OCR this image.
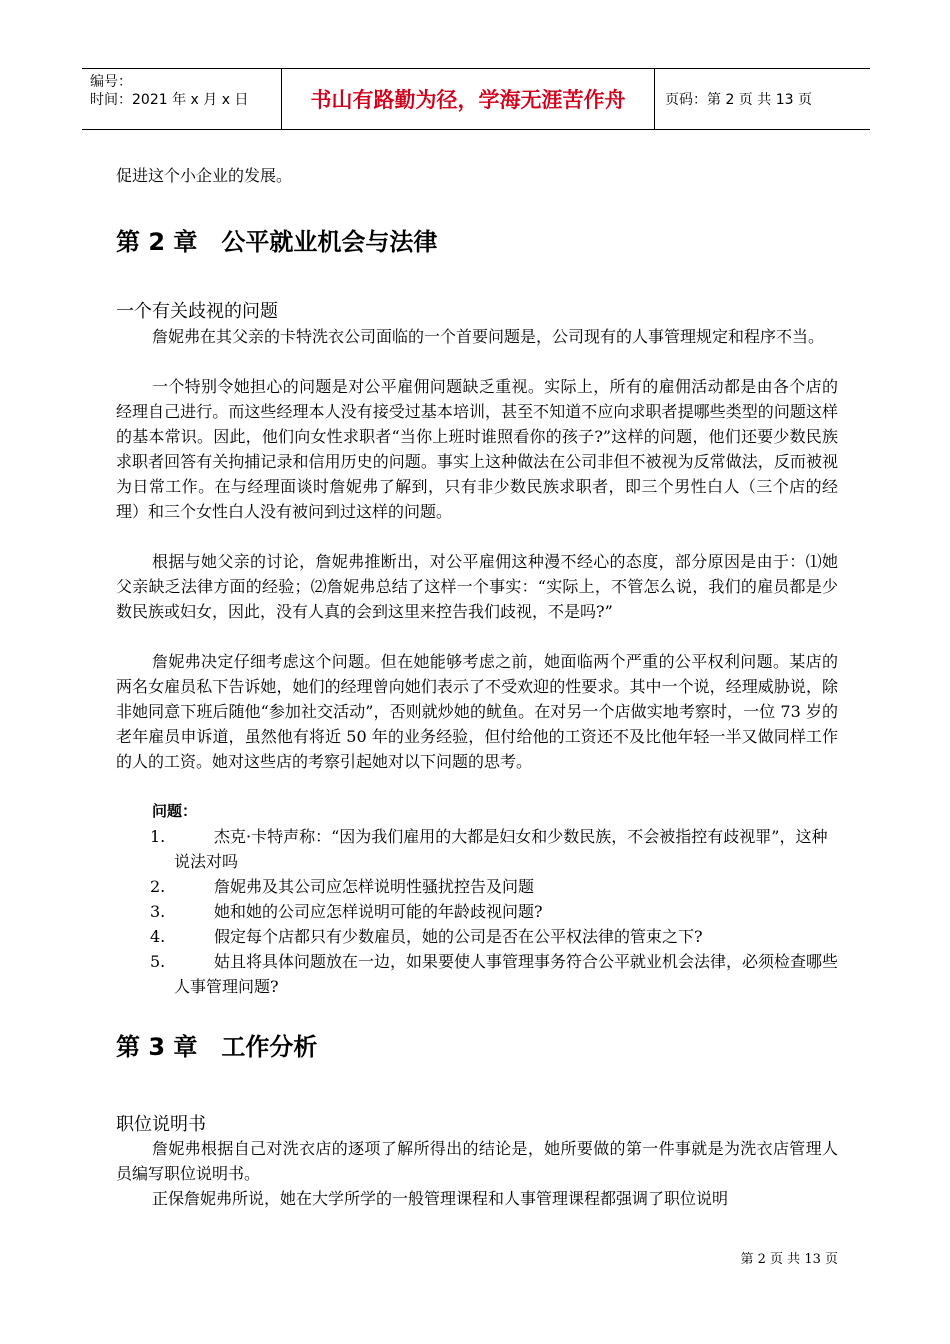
编号：
时间：2021 年 x 月 x 日	书山有路勤为径，学海无涯苦作舟	页码：第 2 页 共 13 页

促进这个小企业的发展。

第 2 章 公平就业机会与法律
一个有关歧视的问题

詹妮弗在其父亲的卡特洗衣公司面临的一个首要问题是，公司现有的人事管理规定和程序不当。

一个特别令她担心的问题是对公平雇佣问题缺乏重视。实际上，所有的雇佣活动都是由各个店的经理自己进行。而这些经理本人没有接受过基本培训，甚至不知道不应向求职者提哪些类型的问题这样的基本常识。因此，他们向女性求职者“当你上班时谁照看你的孩子?”这样的问题，他们还要少数民族求职者回答有关拘捕记录和信用历史的问题。事实上这种做法在公司非但不被视为反常做法，反而被视为日常工作。在与经理面谈时詹妮弗了解到，只有非少数民族求职者，即三个男性白人（三个店的经理）和三个女性白人没有被问到过这样的问题。

根据与她父亲的讨论，詹妮弗推断出，对公平雇佣这种漫不经心的态度，部分原因是由于：⑴她父亲缺乏法律方面的经验；⑵詹妮弗总结了这样一个事实：“实际上，不管怎么说，我们的雇员都是少数民族或妇女，因此，没有人真的会到这里来控告我们歧视，不是吗?”

詹妮弗决定仔细考虑这个问题。但在她能够考虑之前，她面临两个严重的公平权利问题。某店的两名女雇员私下告诉她，她们的经理曾向她们表示了不受欢迎的性要求。其中一个说，经理威胁说，除非她同意下班后随他“参加社交活动”，否则就炒她的鱿鱼。在对另一个店做实地考察时，一位 73 岁的老年雇员申诉道，虽然他有将近 50 年的业务经验，但付给他的工资还不及比他年轻一半又做同样工作的人的工资。她对这些店的考察引起她对以下问题的思考。

问题：

1.	杰克·卡特声称：“因为我们雇用的大都是妇女和少数民族，不会被指控有歧视罪”，这种说法对吗
2.	詹妮弗及其公司应怎样说明性骚扰控告及问题
3.	她和她的公司应怎样说明可能的年龄歧视问题?
4.	假定每个店都只有少数雇员，她的公司是否在公平权法律的管束之下?
5.	姑且将具体问题放在一边，如果要使人事管理事务符合公平就业机会法律，必须检查哪些人事管理问题?
第 3 章 工作分析
职位说明书

詹妮弗根据自己对洗衣店的逐项了解所得出的结论是，她所要做的第一件事就是为洗衣店管理人员编写职位说明书。

正保詹妮弗所说，她在大学所学的一般管理课程和人事管理课程都强调了职位说明

第 2 页 共 13 页
